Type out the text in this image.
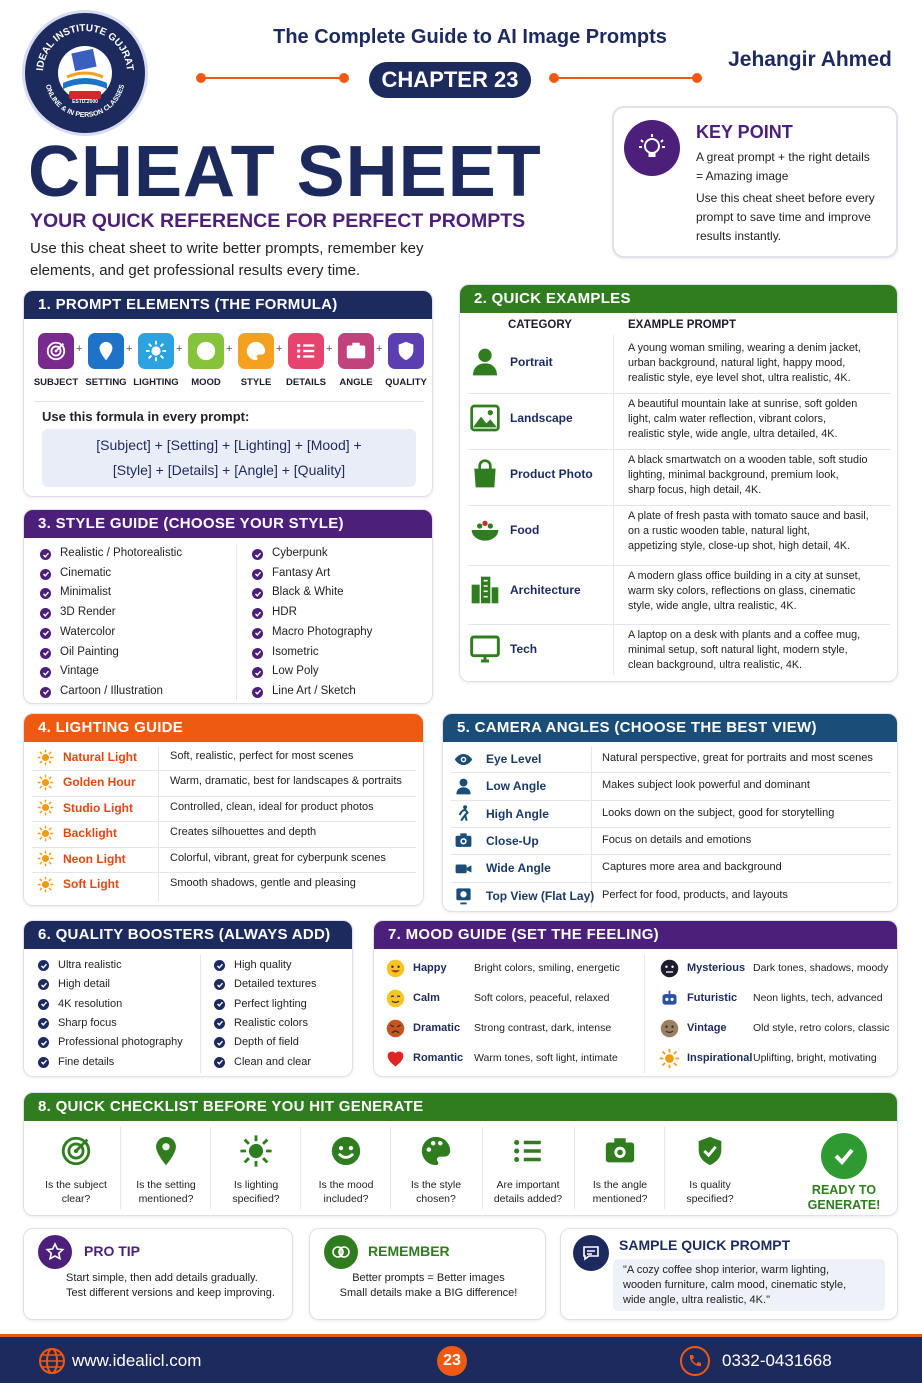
IDEAL INSTITUTE GUJRAT
ONLINE & IN PERSON CLASSES
ESTD.2000
The Complete Guide to AI Image Prompts
CHAPTER 23
Jehangir Ahmed
CHEAT SHEET
YOUR QUICK REFERENCE FOR PERFECT PROMPTS
Use this cheat sheet to write better prompts, remember key
elements, and get professional results every time.
KEY POINT
A great prompt + the right details
= Amazing image
Use this cheat sheet before every
prompt to save time and improve
results instantly.
1. PROMPT ELEMENTS (THE FORMULA)
SUBJECT
+
SETTING
+
LIGHTING
+
MOOD
+
STYLE
+
DETAILS
+
ANGLE
+
QUALITY
Use this formula in every prompt:
[Subject] + [Setting] + [Lighting] + [Mood] +
[Style] + [Details] + [Angle] + [Quality]
2. QUICK EXAMPLES
CATEGORY	EXAMPLE PROMPT
Portrait
A young woman smiling, wearing a denim jacket,
urban background, natural light, happy mood,
realistic style, eye level shot, ultra realistic, 4K.
Landscape
A beautiful mountain lake at sunrise, soft golden
light, calm water reflection, vibrant colors,
realistic style, wide angle, ultra detailed, 4K.
Product Photo
A black smartwatch on a wooden table, soft studio
lighting, minimal background, premium look,
sharp focus, high detail, 4K.
Food
A plate of fresh pasta with tomato sauce and basil,
on a rustic wooden table, natural light,
appetizing style, close-up shot, high detail, 4K.
Architecture
A modern glass office building in a city at sunset,
warm sky colors, reflections on glass, cinematic
style, wide angle, ultra realistic, 4K.
Tech
A laptop on a desk with plants and a coffee mug,
minimal setup, soft natural light, modern style,
clean background, ultra realistic, 4K.
3. STYLE GUIDE (CHOOSE YOUR STYLE)
Realistic / Photorealistic
Cinematic
Minimalist
3D Render
Watercolor
Oil Painting
Vintage
Cartoon / Illustration
Cyberpunk
Fantasy Art
Black & White
HDR
Macro Photography
Isometric
Low Poly
Line Art / Sketch
4. LIGHTING GUIDE
Natural Light	Soft, realistic, perfect for most scenes
Golden Hour	Warm, dramatic, best for landscapes & portraits
Studio Light	Controlled, clean, ideal for product photos
Backlight	Creates silhouettes and depth
Neon Light	Colorful, vibrant, great for cyberpunk scenes
Soft Light	Smooth shadows, gentle and pleasing
5. CAMERA ANGLES (CHOOSE THE BEST VIEW)
Eye Level	Natural perspective, great for portraits and most scenes
Low Angle	Makes subject look powerful and dominant
High Angle	Looks down on the subject, good for storytelling
Close-Up	Focus on details and emotions
Wide Angle	Captures more area and background
Top View (Flat Lay) Perfect for food, products, and layouts
6. QUALITY BOOSTERS (ALWAYS ADD)
Ultra realistic
High detail
4K resolution
Sharp focus
Professional photography
Fine details
High quality
Detailed textures
Perfect lighting
Realistic colors
Depth of field
Clean and clear
7. MOOD GUIDE (SET THE FEELING)
Happy	Bright colors, smiling, energetic
Calm	Soft colors, peaceful, relaxed
Dramatic Strong contrast, dark, intense
Romantic Warm tones, soft light, intimate
Mysterious Dark tones, shadows, moody
Futuristic Neon lights, tech, advanced
Vintage	Old style, retro colors, classic
Inspirational Uplifting, bright, motivating
8. QUICK CHECKLIST BEFORE YOU HIT GENERATE
Is the subject
clear?
Is the setting
mentioned?
Is lighting
specified?
Is the mood
included?
Is the style
chosen?
Are important
details added?
Is the angle
mentioned?
Is quality
specified?
READY TO
GENERATE!
PRO TIP
Start simple, then add details gradually.
Test different versions and keep improving.
REMEMBER
Better prompts = Better images
Small details make a BIG difference!
SAMPLE QUICK PROMPT
"A cozy coffee shop interior, warm lighting,
wooden furniture, calm mood, cinematic style,
wide angle, ultra realistic, 4K."
www.idealicl.com	23	0332-0431668
